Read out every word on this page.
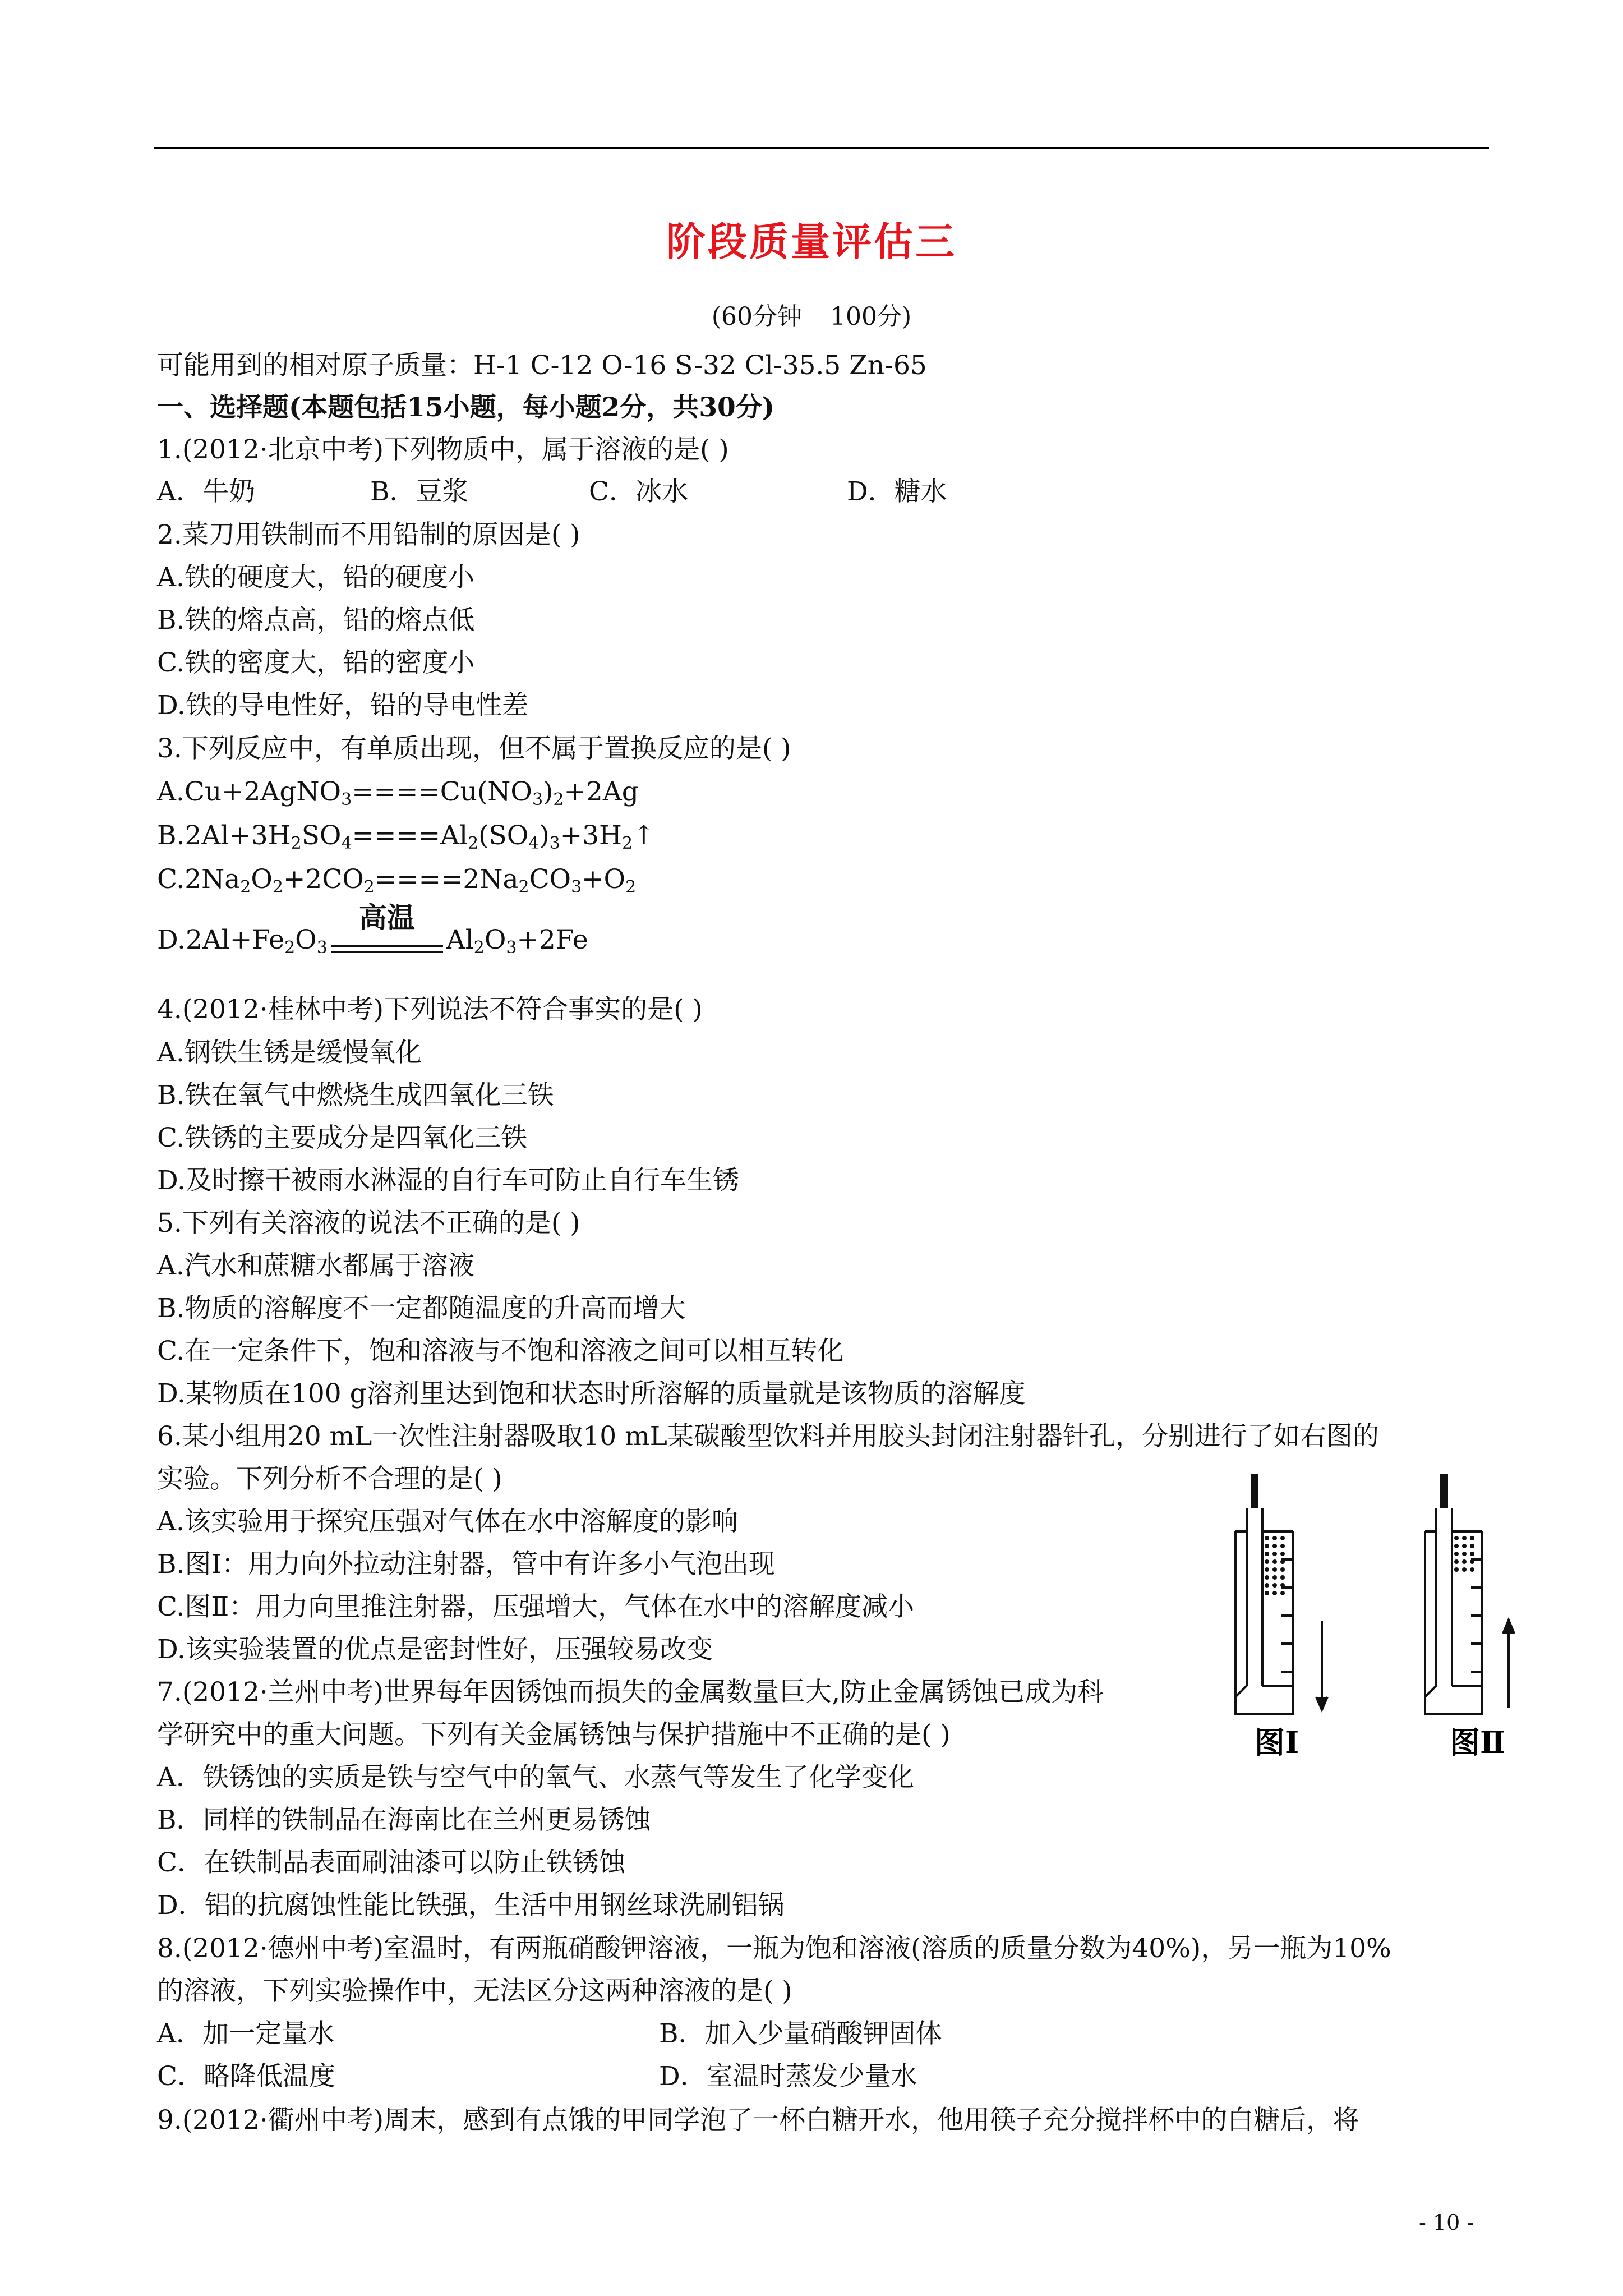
阶段质量评估三
(60分钟 100分)
可能用到的相对原子质量：H-1 C-12 O-16 S-32 Cl-35.5 Zn-65
一、选择题(本题包括15小题，每小题2分，共30分)
1.(2012·北京中考)下列物质中，属于溶液的是( )
A．牛奶	B．豆浆	C．冰水	D．糖水
2.菜刀用铁制而不用铅制的原因是( )
A.铁的硬度大，铅的硬度小
B.铁的熔点高，铅的熔点低
C.铁的密度大，铅的密度小
D.铁的导电性好，铅的导电性差
3.下列反应中，有单质出现，但不属于置换反应的是( )
$A.Cu+2AgNO_3====Cu(NO_3)_2+2Ag$
$B.2Al+3H_2SO_4====Al_2(SO_4)_3+3H_2↑$
$C.2Na_2O_2+2CO_2====2Na_2CO_3+O_2$
$D.2Al+Fe_2O_3$
高温
$Al_2O_3+2Fe$
4.(2012·桂林中考)下列说法不符合事实的是( )
A.钢铁生锈是缓慢氧化
B.铁在氧气中燃烧生成四氧化三铁
C.铁锈的主要成分是四氧化三铁
D.及时擦干被雨水淋湿的自行车可防止自行车生锈
5.下列有关溶液的说法不正确的是( )
A.汽水和蔗糖水都属于溶液
B.物质的溶解度不一定都随温度的升高而增大
C.在一定条件下，饱和溶液与不饱和溶液之间可以相互转化
D.某物质在100 g溶剂里达到饱和状态时所溶解的质量就是该物质的溶解度
6.某小组用20 mL一次性注射器吸取10 mL某碳酸型饮料并用胶头封闭注射器针孔，分别进行了如右图的
实验。下列分析不合理的是( )
A.该实验用于探究压强对气体在水中溶解度的影响
B.图Ⅰ：用力向外拉动注射器，管中有许多小气泡出现
C.图Ⅱ：用力向里推注射器，压强增大，气体在水中的溶解度减小
D.该实验装置的优点是密封性好，压强较易改变
图Ⅰ	图Ⅱ
7.(2012·兰州中考)世界每年因锈蚀而损失的金属数量巨大,防止金属锈蚀已成为科
学研究中的重大问题。下列有关金属锈蚀与保护措施中不正确的是( )
A．铁锈蚀的实质是铁与空气中的氧气、水蒸气等发生了化学变化
B．同样的铁制品在海南比在兰州更易锈蚀
C．在铁制品表面刷油漆可以防止铁锈蚀
D．铝的抗腐蚀性能比铁强，生活中用钢丝球洗刷铝锅
8.(2012·德州中考)室温时，有两瓶硝酸钾溶液，一瓶为饱和溶液(溶质的质量分数为40%)，另一瓶为10%
的溶液，下列实验操作中，无法区分这两种溶液的是( )
A．加一定量水	B．加入少量硝酸钾固体
C．略降低温度	D．室温时蒸发少量水
9.(2012·衢州中考)周末，感到有点饿的甲同学泡了一杯白糖开水，他用筷子充分搅拌杯中的白糖后，将
- 10 -
